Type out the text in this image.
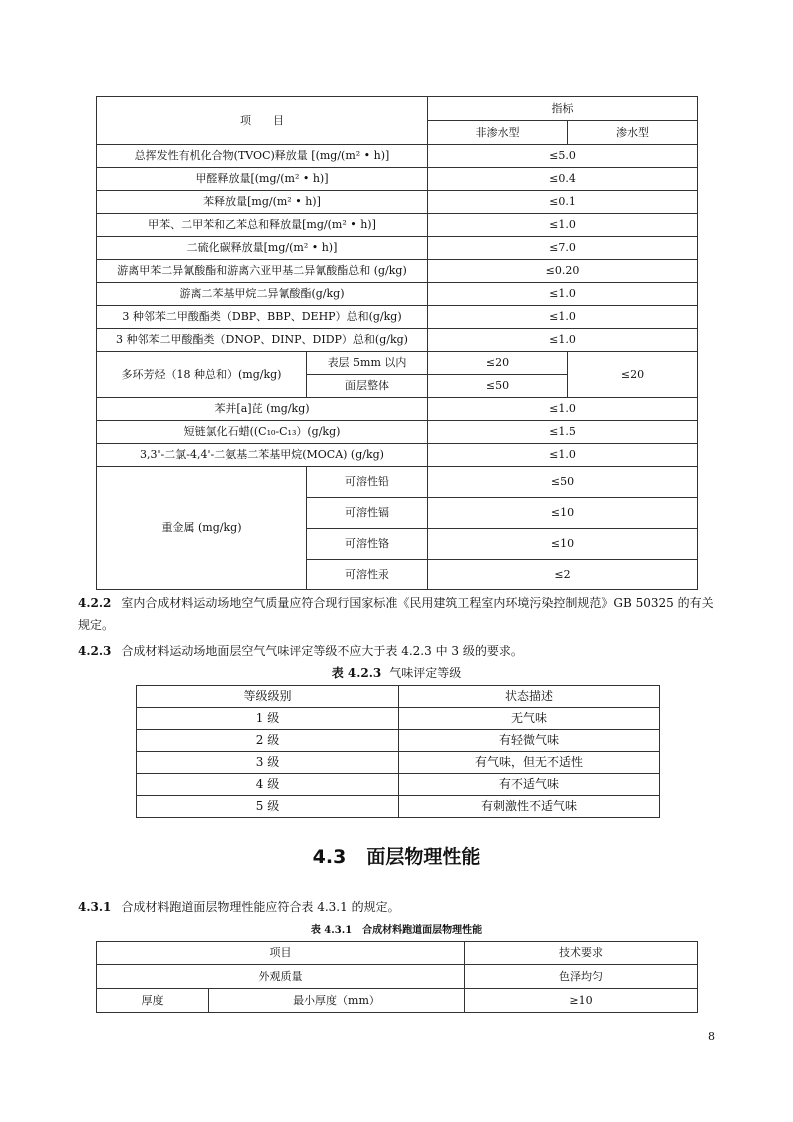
项　　目		指标	
		非渗水型	渗水型
总挥发性有机化合物(TVOC)释放量 [(mg/(m² • h)]		≤5.0	
甲醛释放量[(mg/(m² • h)]		≤0.4	
苯释放量[mg/(m² • h)]		≤0.1	
甲苯、二甲苯和乙苯总和释放量[mg/(m² • h)]		≤1.0	
二硫化碳释放量[mg/(m² • h)]		≤7.0	
游离甲苯二异氰酸酯和游离六亚甲基二异氰酸酯总和 (g/kg)		≤0.20	
游离二苯基甲烷二异氰酸酯(g/kg)		≤1.0	
3 种邻苯二甲酸酯类（DBP、BBP、DEHP）总和(g/kg)		≤1.0	
3 种邻苯二甲酸酯类（DNOP、DINP、DIDP）总和(g/kg)		≤1.0	
多环芳烃（18 种总和）(mg/kg)	表层 5mm 以内	≤20	≤20
	面层整体	≤50	
苯并[a]芘 (mg/kg)		≤1.0	
短链氯化石蜡((C₁₀-C₁₃）(g/kg)		≤1.5	
3,3'-二氯-4,4'-二氨基二苯基甲烷(MOCA) (g/kg)		≤1.0	
重金属 (mg/kg)	可溶性铅	≤50	
	可溶性镉	≤10	
	可溶性铬	≤10	
	可溶性汞	≤2	

4.2.2 室内合成材料运动场地空气质量应符合现行国家标准《民用建筑工程室内环境污染控制规范》GB 50325 的有关规定。

4.2.3 合成材料运动场地面层空气气味评定等级不应大于表 4.2.3 中 3 级的要求。

表 4.2.3 气味评定等级

等级级别	状态描述
1 级	无气味
2 级	有轻微气味
3 级	有气味，但无不适性
4 级	有不适气味
5 级	有刺激性不适气味
4.3 面层物理性能

4.3.1 合成材料跑道面层物理性能应符合表 4.3.1 的规定。

表 4.3.1　合成材料跑道面层物理性能

项目		技术要求
外观质量		色泽均匀
厚度	最小厚度（mm）	≥10

8
